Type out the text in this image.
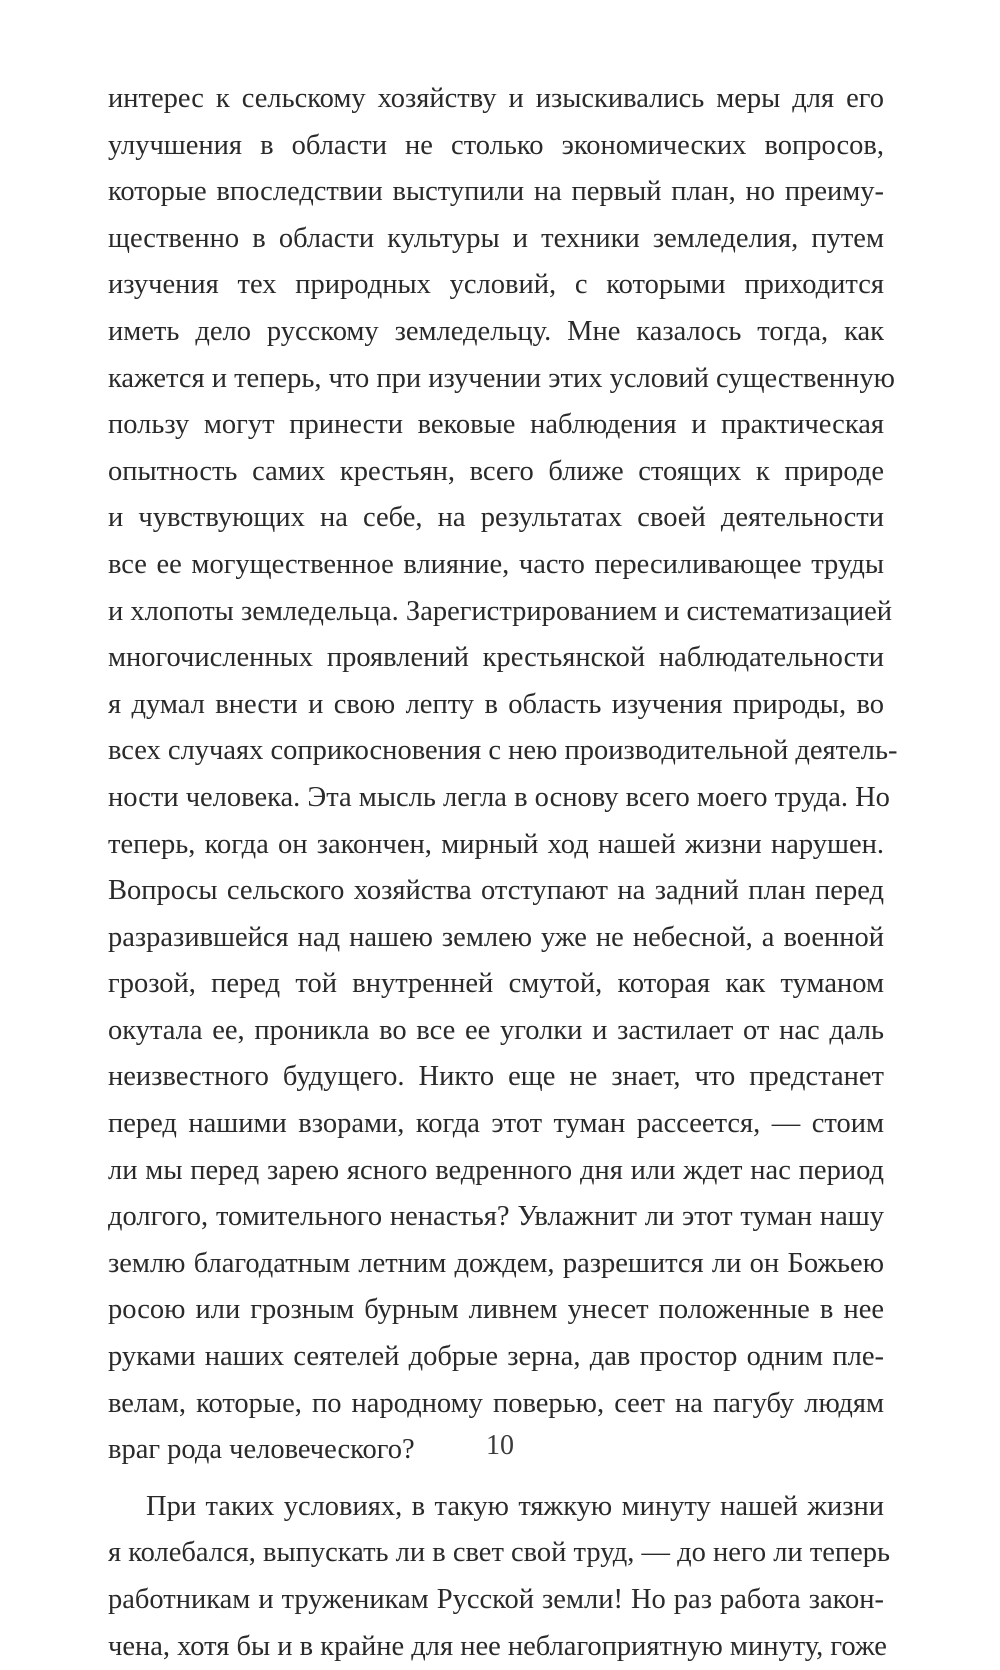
интерес к сельскому хозяйству и изыскивались меры для его
улучшения в области не столько экономических вопросов,
которые впоследствии выступили на первый план, но преиму-
щественно в области культуры и техники земледелия, путем
изучения тех природных условий, с которыми приходится
иметь дело русскому земледельцу. Мне казалось тогда, как
кажется и теперь, что при изучении этих условий существенную
пользу могут принести вековые наблюдения и практическая
опытность самих крестьян, всего ближе стоящих к природе
и чувствующих на себе, на результатах своей деятельности
все ее могущественное влияние, часто пересиливающее труды
и хлопоты земледельца. Зарегистрированием и систематизацией
многочисленных проявлений крестьянской наблюдательности
я думал внести и свою лепту в область изучения природы, во
всех случаях соприкосновения с нею производительной деятель-
ности человека. Эта мысль легла в основу всего моего труда. Но
теперь, когда он закончен, мирный ход нашей жизни нарушен.
Вопросы сельского хозяйства отступают на задний план перед
разразившейся над нашею землею уже не небесной, а военной
грозой, перед той внутренней смутой, которая как туманом
окутала ее, проникла во все ее уголки и застилает от нас даль
неизвестного будущего. Никто еще не знает, что предстанет
перед нашими взорами, когда этот туман рассеется, — стоим
ли мы перед зарею ясного ведренного дня или ждет нас период
долгого, томительного ненастья? Увлажнит ли этот туман нашу
землю благодатным летним дождем, разрешится ли он Божьею
росою или грозным бурным ливнем унесет положенные в нее
руками наших сеятелей добрые зерна, дав простор одним пле-
велам, которые, по народному поверью, сеет на пагубу людям
враг рода человеческого?
При таких условиях, в такую тяжкую минуту нашей жизни
я колебался, выпускать ли в свет свой труд, — до него ли теперь
работникам и труженикам Русской земли! Но раз работа закон-
чена, хотя бы и в крайне для нее неблагоприятную минуту, гоже
10
